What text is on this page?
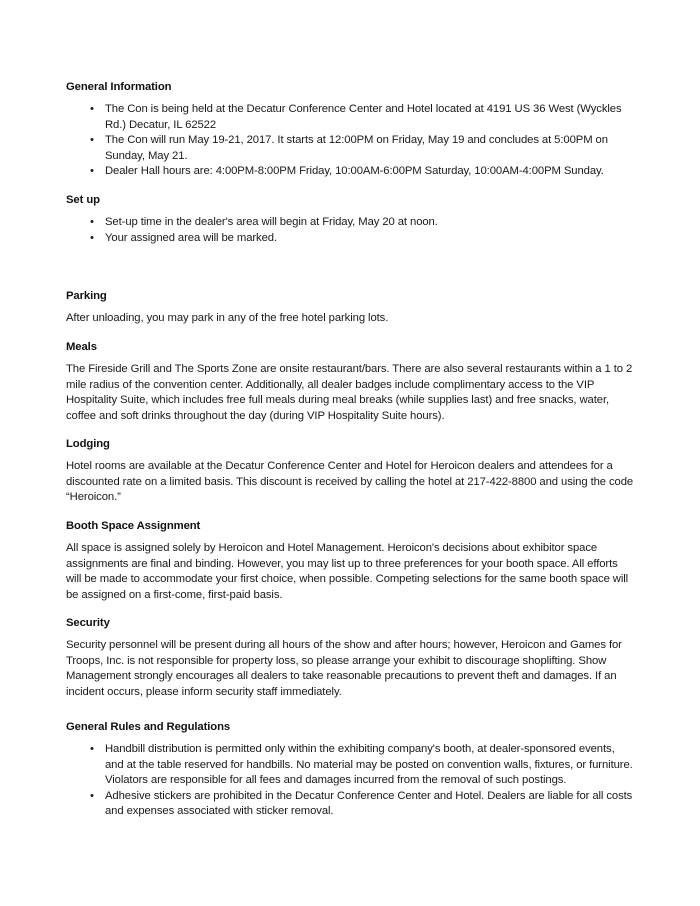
General Information
• The Con is being held at the Decatur Conference Center and Hotel located at 4191 US 36 West (Wyckles Rd.) Decatur, IL 62522
• The Con will run May 19-21, 2017. It starts at 12:00PM on Friday, May 19 and concludes at 5:00PM on Sunday, May 21.
• Dealer Hall hours are: 4:00PM-8:00PM Friday, 10:00AM-6:00PM Saturday, 10:00AM-4:00PM Sunday.
Set up
• Set-up time in the dealer's area will begin at Friday, May 20 at noon.
• Your assigned area will be marked.
Parking

After unloading, you may park in any of the free hotel parking lots.

Meals

The Fireside Grill and The Sports Zone are onsite restaurant/bars. There are also several restaurants within a 1 to 2 mile radius of the convention center. Additionally, all dealer badges include complimentary access to the VIP Hospitality Suite, which includes free full meals during meal breaks (while supplies last) and free snacks, water, coffee and soft drinks throughout the day (during VIP Hospitality Suite hours).

Lodging

Hotel rooms are available at the Decatur Conference Center and Hotel for Heroicon dealers and attendees for a discounted rate on a limited basis. This discount is received by calling the hotel at 217-422-8800 and using the code “Heroicon.”

Booth Space Assignment

All space is assigned solely by Heroicon and Hotel Management. Heroicon's decisions about exhibitor space assignments are final and binding. However, you may list up to three preferences for your booth space. All efforts will be made to accommodate your first choice, when possible. Competing selections for the same booth space will be assigned on a first-come, first-paid basis.

Security

Security personnel will be present during all hours of the show and after hours; however, Heroicon and Games for Troops, Inc. is not responsible for property loss, so please arrange your exhibit to discourage shoplifting. Show Management strongly encourages all dealers to take reasonable precautions to prevent theft and damages. If an incident occurs, please inform security staff immediately.

General Rules and Regulations
• Handbill distribution is permitted only within the exhibiting company's booth, at dealer-sponsored events, and at the table reserved for handbills. No material may be posted on convention walls, fixtures, or furniture. Violators are responsible for all fees and damages incurred from the removal of such postings.
• Adhesive stickers are prohibited in the Decatur Conference Center and Hotel. Dealers are liable for all costs and expenses associated with sticker removal.
